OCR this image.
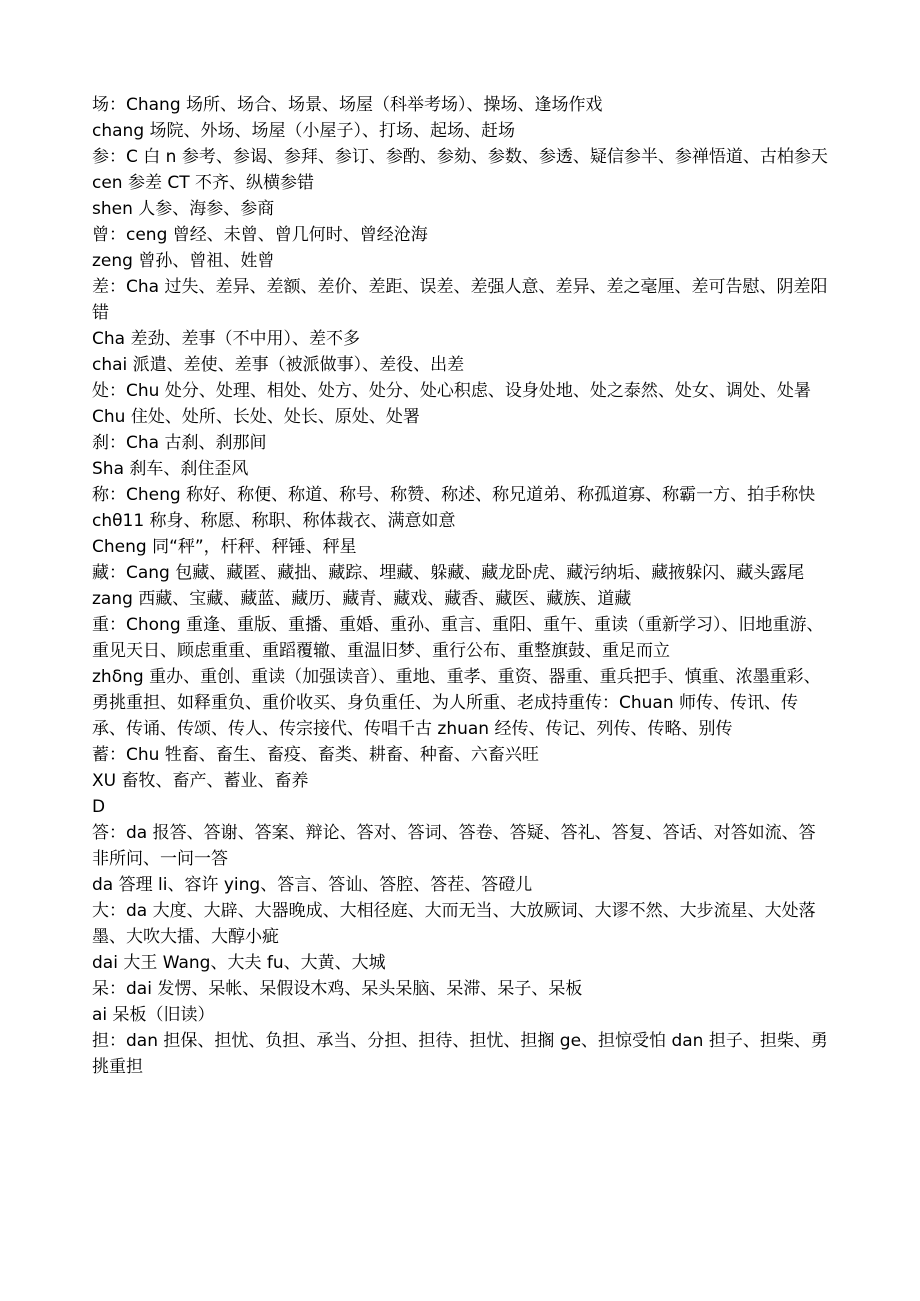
场：Chang 场所、场合、场景、场屋（科举考场）、操场、逢场作戏

chang 场院、外场、场屋（小屋子）、打场、起场、赶场

参：C 白 n 参考、参谒、参拜、参订、参酌、参劾、参数、参透、疑信参半、参禅悟道、古柏参天

cen 参差 CT 不齐、纵横参错

shen 人参、海参、参商

曾：ceng 曾经、未曾、曾几何时、曾经沧海

zeng 曾孙、曾祖、姓曾

差：Cha 过失、差异、差额、差价、差距、误差、差强人意、差异、差之毫厘、差可告慰、阴差阳错

Cha 差劲、差事（不中用）、差不多

chai 派遣、差使、差事（被派做事）、差役、出差

处：Chu 处分、处理、相处、处方、处分、处心积虑、设身处地、处之泰然、处女、调处、处暑

Chu 住处、处所、长处、处长、原处、处署

刹：Cha 古刹、刹那间

Sha 刹车、刹住歪风

称：Cheng 称好、称便、称道、称号、称赞、称述、称兄道弟、称孤道寡、称霸一方、拍手称快

chθ11 称身、称愿、称职、称体裁衣、满意如意

Cheng 同“秤”，杆秤、秤锤、秤星

藏：Cang 包藏、藏匿、藏拙、藏踪、埋藏、躲藏、藏龙卧虎、藏污纳垢、藏掖躲闪、藏头露尾

zang 西藏、宝藏、藏蓝、藏历、藏青、藏戏、藏香、藏医、藏族、道藏

重：Chong 重逢、重版、重播、重婚、重孙、重言、重阳、重午、重读（重新学习）、旧地重游、重见天日、顾虑重重、重蹈覆辙、重温旧梦、重行公布、重整旗鼓、重足而立

zhδng 重办、重创、重读（加强读音）、重地、重孝、重资、器重、重兵把手、慎重、浓墨重彩、勇挑重担、如释重负、重价收买、身负重任、为人所重、老成持重传：Chuan 师传、传讯、传承、传诵、传颂、传人、传宗接代、传唱千古 zhuan 经传、传记、列传、传略、别传

蓄：Chu 牲畜、畜生、畜疫、畜类、耕畜、种畜、六畜兴旺

XU 畜牧、畜产、蓄业、畜养

D

答：da 报答、答谢、答案、辩论、答对、答词、答卷、答疑、答礼、答复、答话、对答如流、答非所问、一问一答

da 答理 li、容许 ying、答言、答讪、答腔、答茬、答磴儿

大：da 大度、大辟、大器晚成、大相径庭、大而无当、大放厥词、大谬不然、大步流星、大处落墨、大吹大擂、大醇小疵

dai 大王 Wang、大夫 fu、大黄、大城

呆：dai 发愣、呆帐、呆假设木鸡、呆头呆脑、呆滞、呆子、呆板

ai 呆板（旧读）

担：dan 担保、担忧、负担、承当、分担、担待、担忧、担搁 ge、担惊受怕 dan 担子、担柴、勇挑重担
